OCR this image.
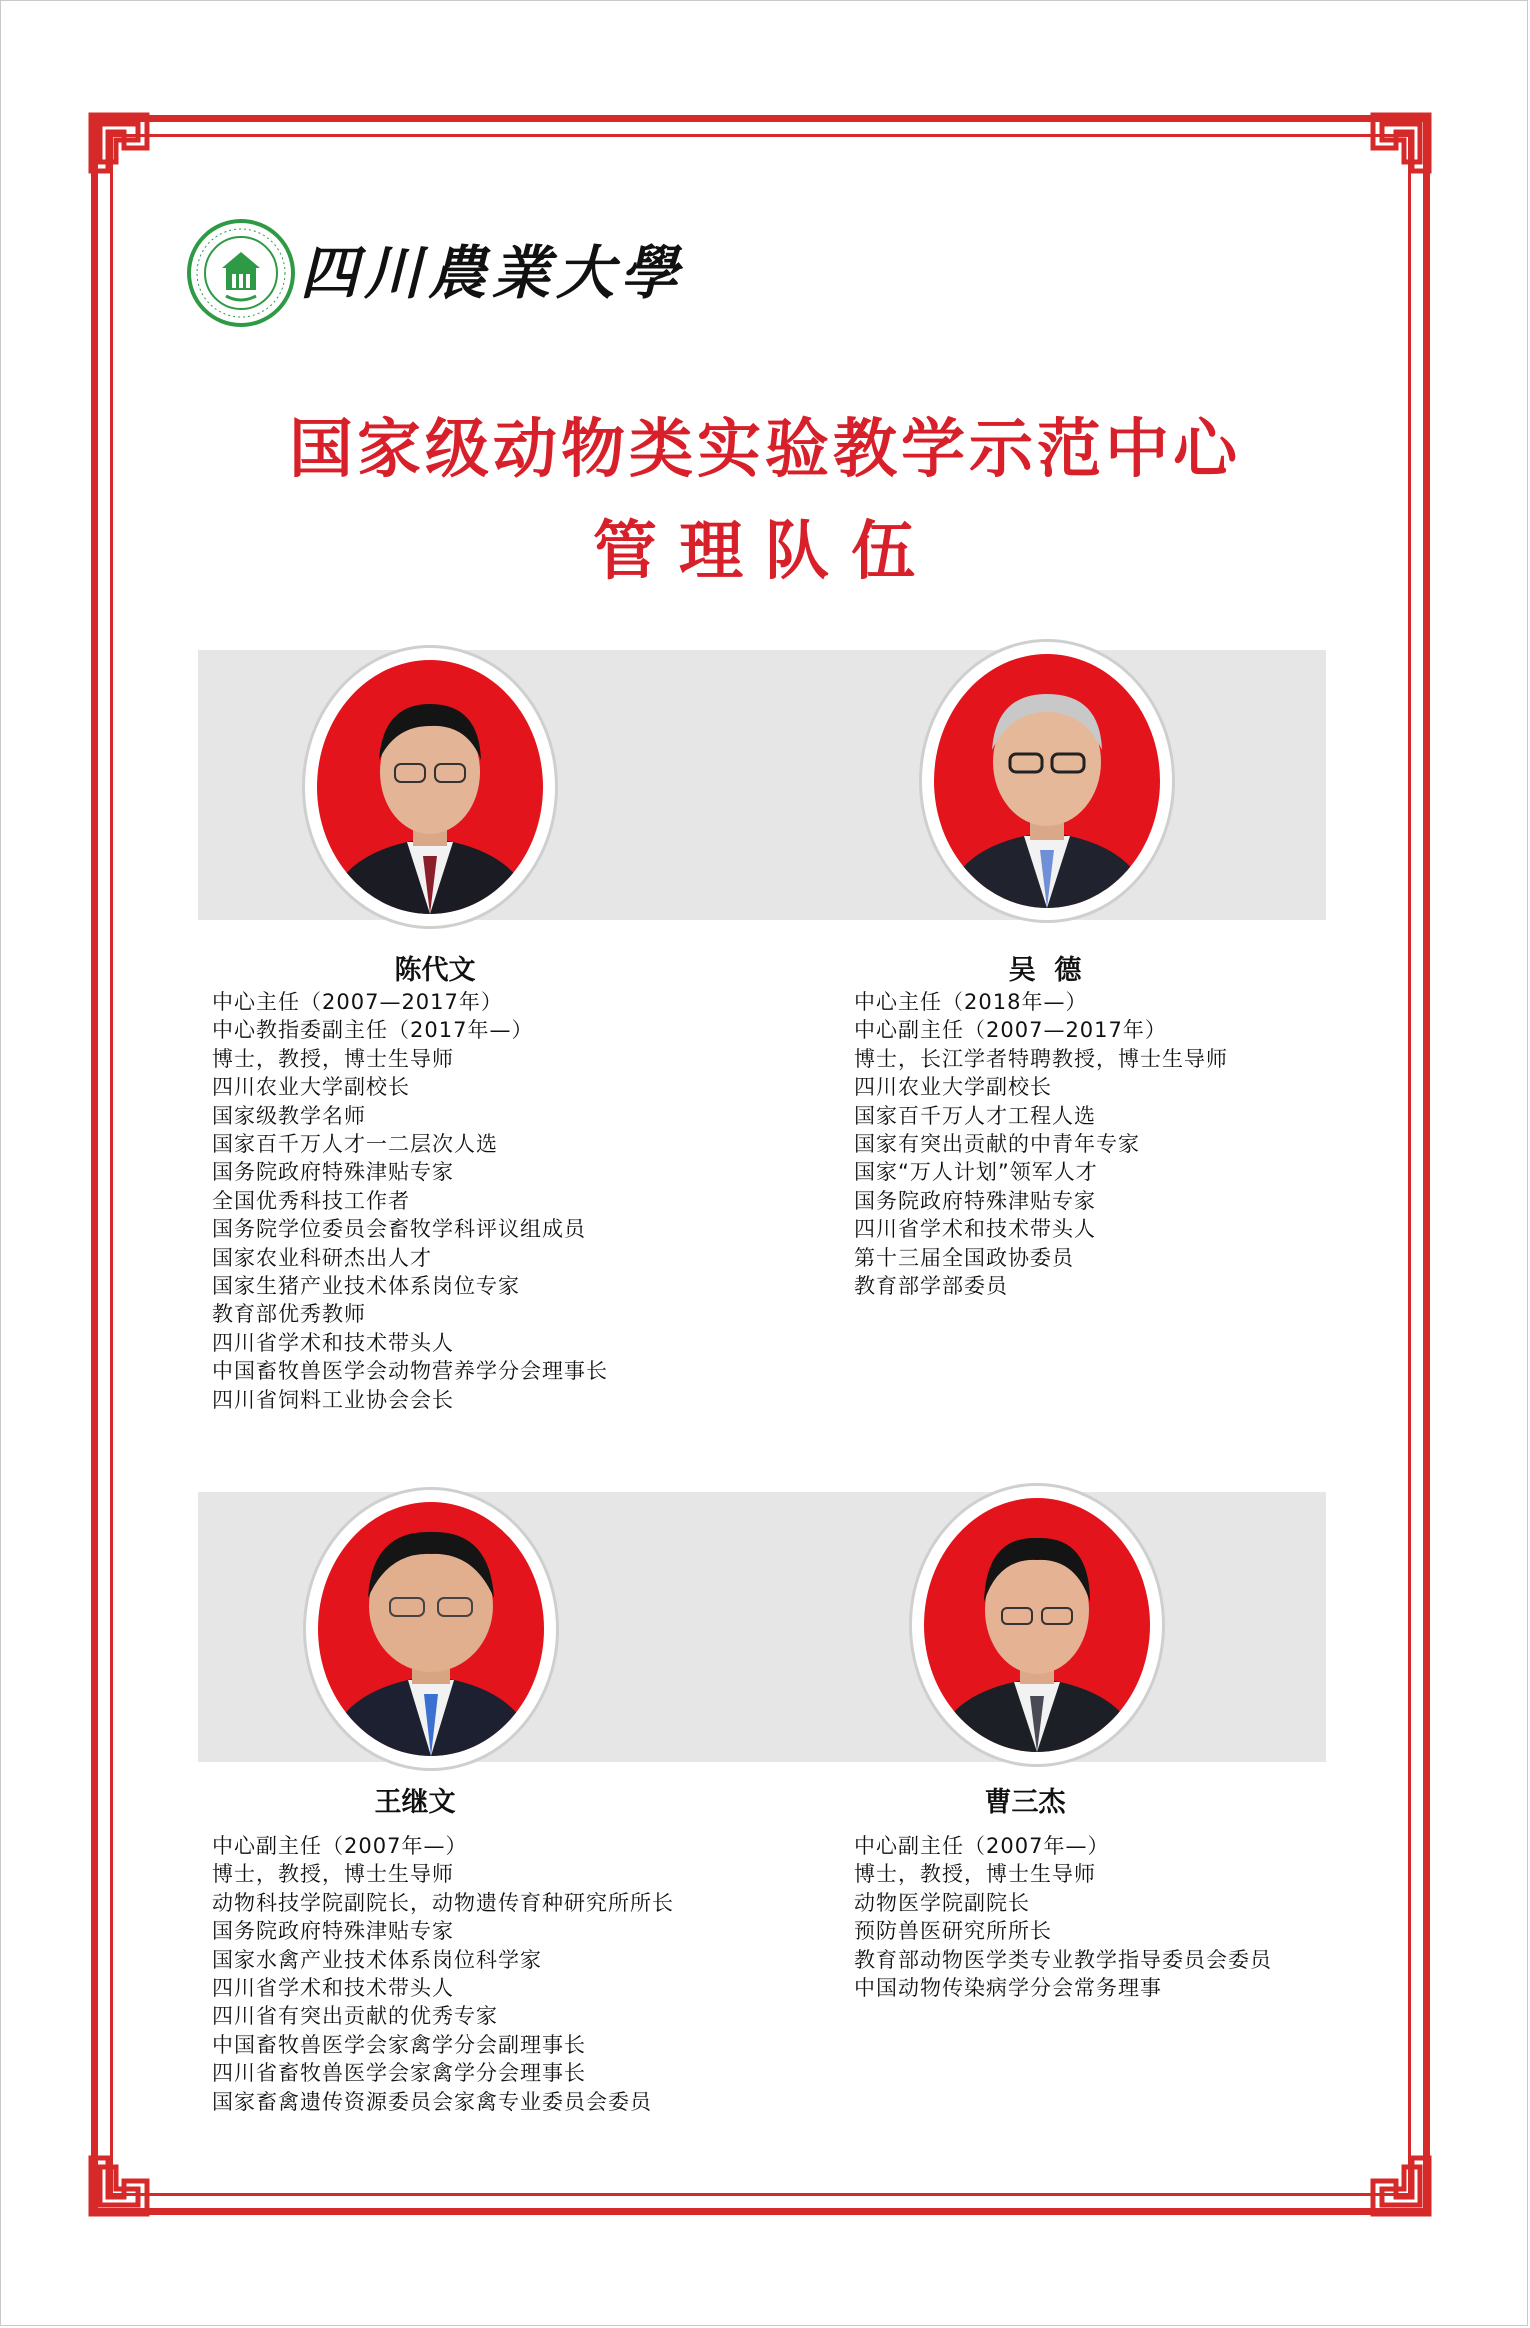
四川農業大學
国家级动物类实验教学示范中心
管理队伍
陈代文	吴  德
王继文	曹三杰
中心主任（2007—2017年）
中心教指委副主任（2017年—）
博士，教授，博士生导师
四川农业大学副校长
国家级教学名师
国家百千万人才一二层次人选
国务院政府特殊津贴专家
全国优秀科技工作者
国务院学位委员会畜牧学科评议组成员
国家农业科研杰出人才
国家生猪产业技术体系岗位专家
教育部优秀教师
四川省学术和技术带头人
中国畜牧兽医学会动物营养学分会理事长
四川省饲料工业协会会长
中心主任（2018年—）
中心副主任（2007—2017年）
博士，长江学者特聘教授，博士生导师
四川农业大学副校长
国家百千万人才工程人选
国家有突出贡献的中青年专家
国家“万人计划”领军人才
国务院政府特殊津贴专家
四川省学术和技术带头人
第十三届全国政协委员
教育部学部委员
中心副主任（2007年—）
博士，教授，博士生导师
动物科技学院副院长，动物遗传育种研究所所长
国务院政府特殊津贴专家
国家水禽产业技术体系岗位科学家
四川省学术和技术带头人
四川省有突出贡献的优秀专家
中国畜牧兽医学会家禽学分会副理事长
四川省畜牧兽医学会家禽学分会理事长
国家畜禽遗传资源委员会家禽专业委员会委员
中心副主任（2007年—）
博士，教授，博士生导师
动物医学院副院长
预防兽医研究所所长
教育部动物医学类专业教学指导委员会委员
中国动物传染病学分会常务理事
